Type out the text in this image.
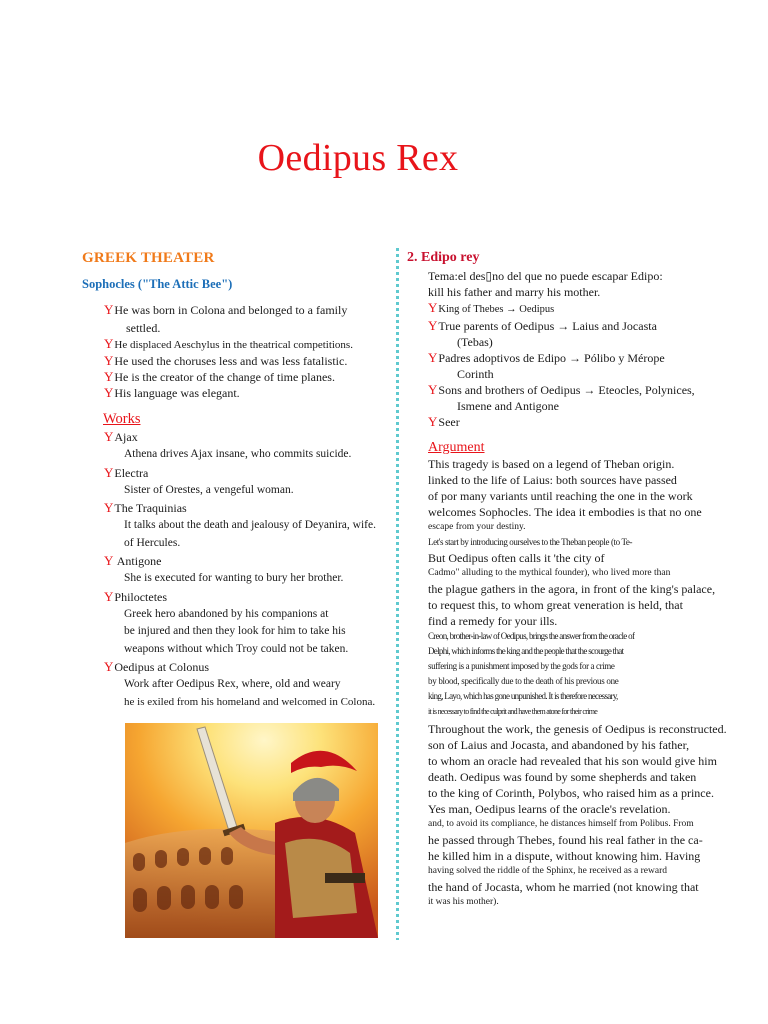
Oedipus Rex
GREEK THEATER
Sophocles ("The Attic Bee")
YHe was born in Colona and belonged to a family
settled.
YHe displaced Aeschylus in the theatrical competitions.
YHe used the choruses less and was less fatalistic.
YHe is the creator of the change of time planes.
YHis language was elegant.
Works
YAjax
Athena drives Ajax insane, who commits suicide.
YElectra
Sister of Orestes, a vengeful woman.
YThe Traquinias
It talks about the death and jealousy of Deyanira, wife.
of Hercules.
Y Antigone
She is executed for wanting to bury her brother.
YPhiloctetes
Greek hero abandoned by his companions at
be injured and then they look for him to take his
weapons without which Troy could not be taken.
YOedipus at Colonus
Work after Oedipus Rex, where, old and weary
he is exiled from his homeland and welcomed in Colona.
2. Edipo rey
Tema:el des▯no del que no puede escapar Edipo:
kill his father and marry his mother.
YKing of Thebes → Oedipus
YTrue parents of Oedipus → Laius and Jocasta
(Tebas)
YPadres adoptivos de Edipo → Pólibo y Mérope
Corinth
YSons and brothers of Oedipus → Eteocles, Polynices,
Ismene and Antigone
YSeer
Argument
This tragedy is based on a legend of Theban origin.
linked to the life of Laius: both sources have passed
of por many variants until reaching the one in the work
welcomes Sophocles. The idea it embodies is that no one
escape from your destiny.
Let's start by introducing ourselves to the Theban people (to Te-
But Oedipus often calls it 'the city of
Cadmo" alluding to the mythical founder), who lived more than
the plague gathers in the agora, in front of the king's palace,
to request this, to whom great veneration is held, that
find a remedy for your ills.
Creon, brother-in-law of Oedipus, brings the answer from the oracle of
Delphi, which informs the king and the people that the scourge that
suffering is a punishment imposed by the gods for a crime
by blood, specifically due to the death of his previous one
king, Layo, which has gone unpunished. It is therefore necessary,
it is necessary to find the culprit and have them atone for their crime
Throughout the work, the genesis of Oedipus is reconstructed.
son of Laius and Jocasta, and abandoned by his father,
to whom an oracle had revealed that his son would give him
death. Oedipus was found by some shepherds and taken
to the king of Corinth, Polybos, who raised him as a prince.
Yes man, Oedipus learns of the oracle's revelation.
and, to avoid its compliance, he distances himself from Polibus. From
he passed through Thebes, found his real father in the ca-
he killed him in a dispute, without knowing him. Having
having solved the riddle of the Sphinx, he received as a reward
the hand of Jocasta, whom he married (not knowing that
it was his mother).
